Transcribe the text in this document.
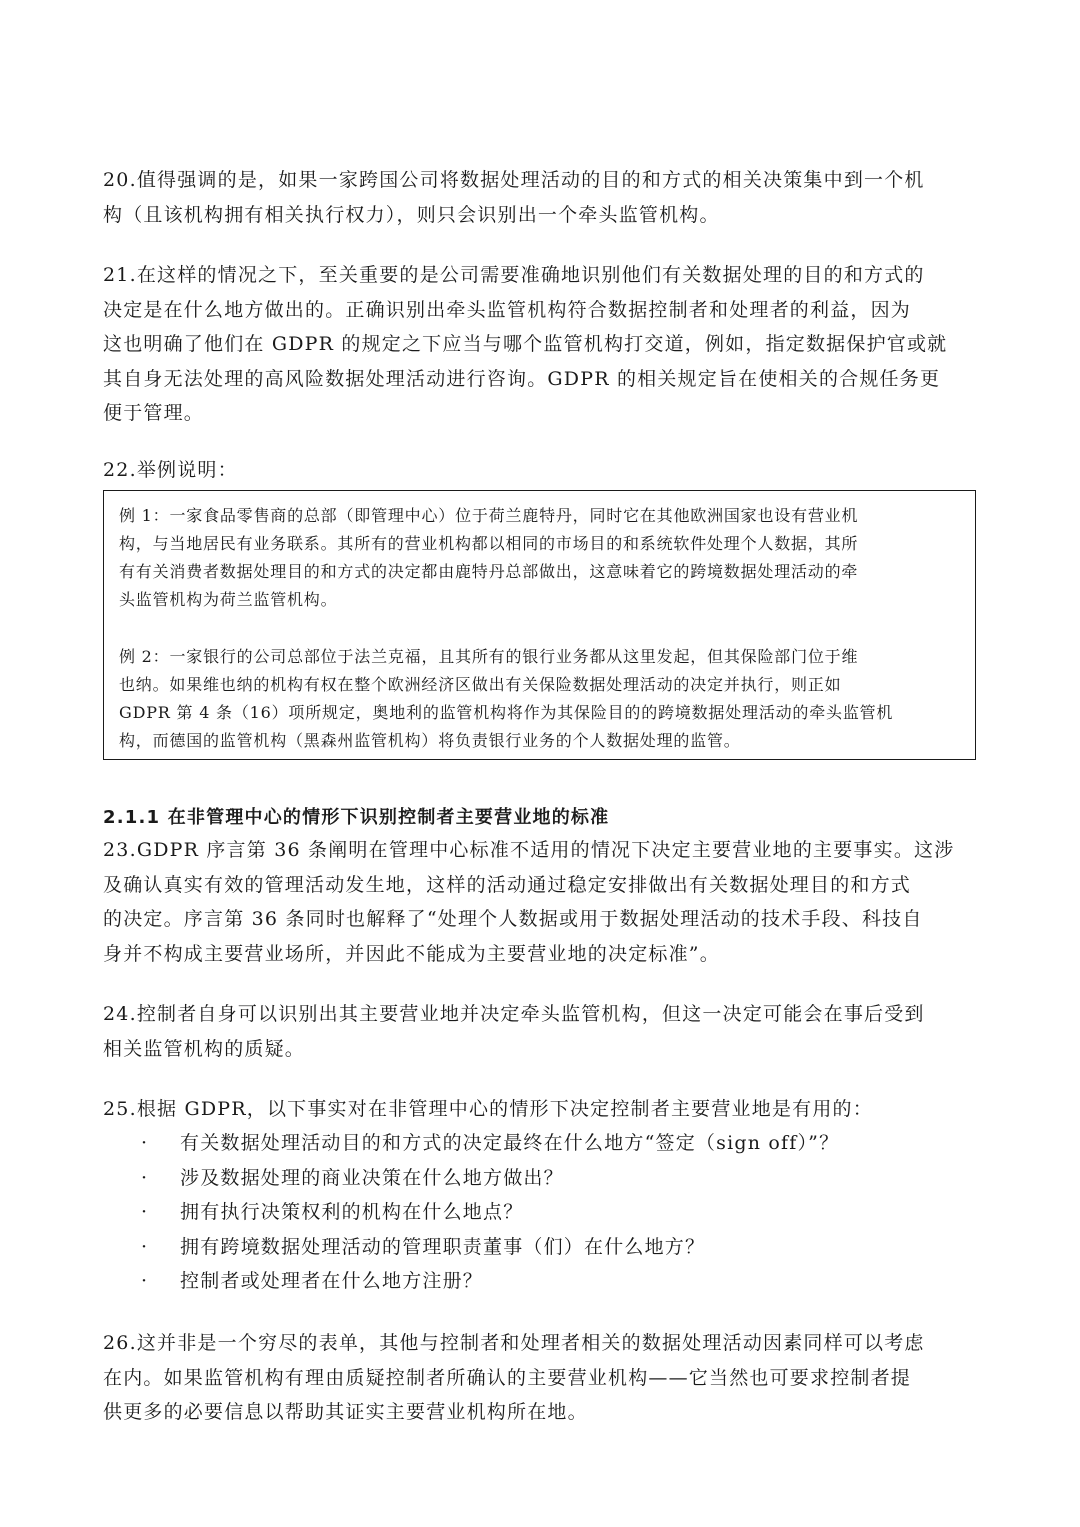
20.值得强调的是，如果一家跨国公司将数据处理活动的目的和方式的相关决策集中到一个机
构（且该机构拥有相关执行权力），则只会识别出一个牵头监管机构。
21.在这样的情况之下，至关重要的是公司需要准确地识别他们有关数据处理的目的和方式的
决定是在什么地方做出的。正确识别出牵头监管机构符合数据控制者和处理者的利益，因为
这也明确了他们在 GDPR 的规定之下应当与哪个监管机构打交道，例如，指定数据保护官或就
其自身无法处理的高风险数据处理活动进行咨询。GDPR 的相关规定旨在使相关的合规任务更
便于管理。
22.举例说明：
例 1：一家食品零售商的总部（即管理中心）位于荷兰鹿特丹，同时它在其他欧洲国家也设有营业机
构，与当地居民有业务联系。其所有的营业机构都以相同的市场目的和系统软件处理个人数据，其所
有有关消费者数据处理目的和方式的决定都由鹿特丹总部做出，这意味着它的跨境数据处理活动的牵
头监管机构为荷兰监管机构。
例 2：一家银行的公司总部位于法兰克福，且其所有的银行业务都从这里发起，但其保险部门位于维
也纳。如果维也纳的机构有权在整个欧洲经济区做出有关保险数据处理活动的决定并执行，则正如
GDPR 第 4 条（16）项所规定，奥地利的监管机构将作为其保险目的的跨境数据处理活动的牵头监管机
构，而德国的监管机构（黑森州监管机构）将负责银行业务的个人数据处理的监管。
2.1.1 在非管理中心的情形下识别控制者主要营业地的标准
23.GDPR 序言第 36 条阐明在管理中心标准不适用的情况下决定主要营业地的主要事实。这涉
及确认真实有效的管理活动发生地，这样的活动通过稳定安排做出有关数据处理目的和方式
的决定。序言第 36 条同时也解释了“处理个人数据或用于数据处理活动的技术手段、科技自
身并不构成主要营业场所，并因此不能成为主要营业地的决定标准”。
24.控制者自身可以识别出其主要营业地并决定牵头监管机构，但这一决定可能会在事后受到
相关监管机构的质疑。
25.根据 GDPR，以下事实对在非管理中心的情形下决定控制者主要营业地是有用的：
· 有关数据处理活动目的和方式的决定最终在什么地方“签定（sign off）”？
· 涉及数据处理的商业决策在什么地方做出？
· 拥有执行决策权利的机构在什么地点？
· 拥有跨境数据处理活动的管理职责董事（们）在什么地方？
· 控制者或处理者在什么地方注册？
26.这并非是一个穷尽的表单，其他与控制者和处理者相关的数据处理活动因素同样可以考虑
在内。如果监管机构有理由质疑控制者所确认的主要营业机构——它当然也可要求控制者提
供更多的必要信息以帮助其证实主要营业机构所在地。
